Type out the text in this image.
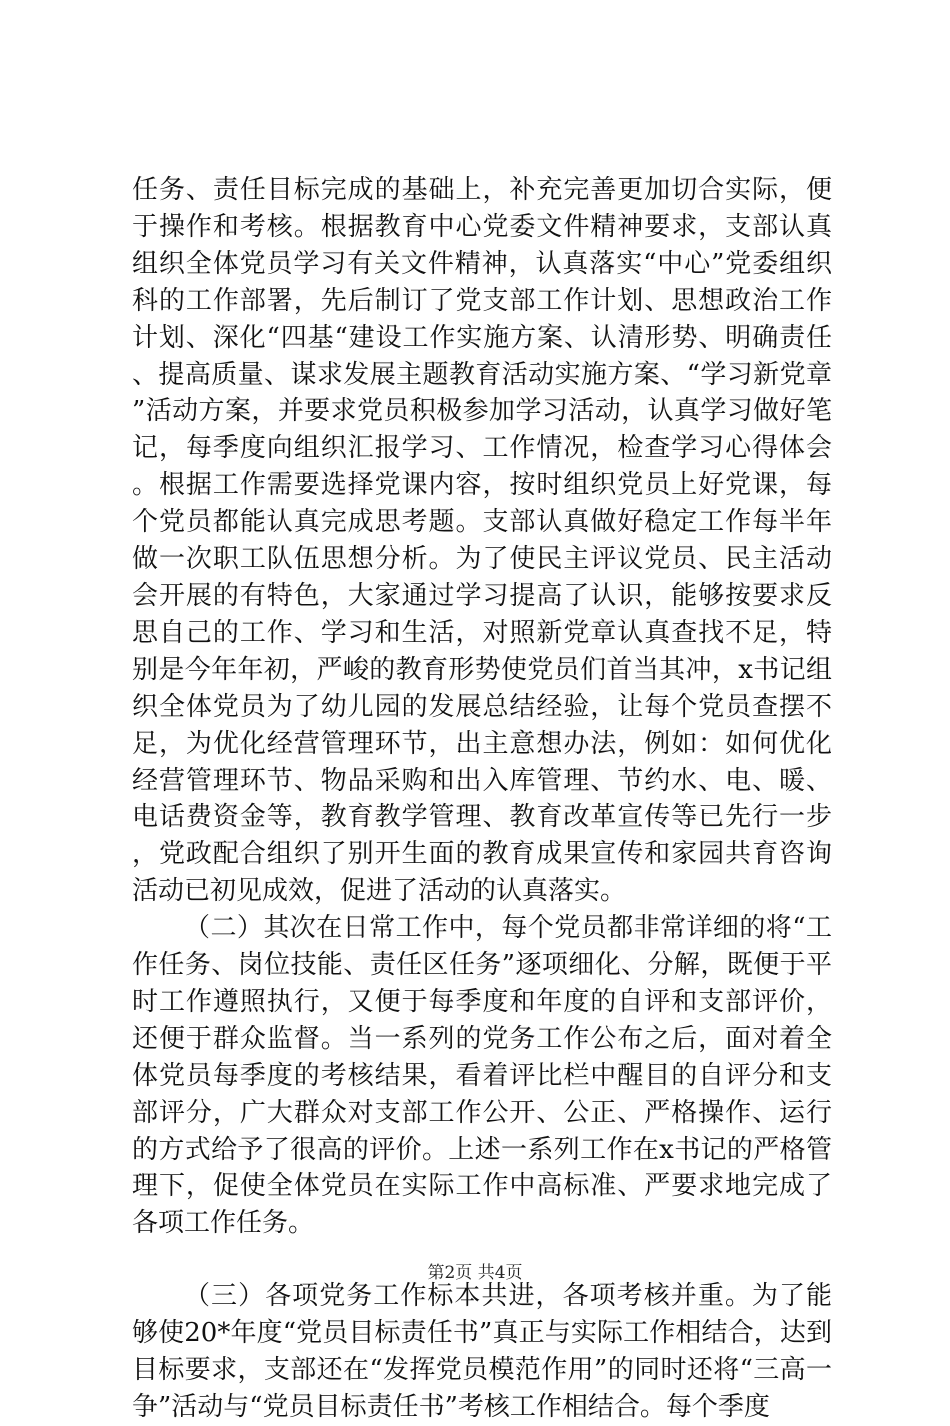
任务、责任目标完成的基础上，补充完善更加切合实际，便于操作和考核。根据教育中心党委文件精神要求，支部认真组织全体党员学习有关文件精神，认真落实“中心”党委组织科的工作部署，先后制订了党支部工作计划、思想政治工作计划、深化“四基“建设工作实施方案、认清形势、明确责任、提高质量、谋求发展主题教育活动实施方案、“学习新党章”活动方案，并要求党员积极参加学习活动，认真学习做好笔记，每季度向组织汇报学习、工作情况，检查学习心得体会。根据工作需要选择党课内容，按时组织党员上好党课，每个党员都能认真完成思考题。支部认真做好稳定工作每半年做一次职工队伍思想分析。为了使民主评议党员、民主活动会开展的有特色，大家通过学习提高了认识，能够按要求反思自己的工作、学习和生活，对照新党章认真查找不足，特别是今年年初，严峻的教育形势使党员们首当其冲，x书记组织全体党员为了幼儿园的发展总结经验，让每个党员查摆不足，为优化经营管理环节，出主意想办法，例如：如何优化经营管理环节、物品采购和出入库管理、节约水、电、暖、电话费资金等，教育教学管理、教育改革宣传等已先行一步，党政配合组织了别开生面的教育成果宣传和家园共育咨询活动已初见成效，促进了活动的认真落实。

（二）其次在日常工作中，每个党员都非常详细的将“工作任务、岗位技能、责任区任务”逐项细化、分解，既便于平时工作遵照执行，又便于每季度和年度的自评和支部评价，还便于群众监督。当一系列的党务工作公布之后，面对着全体党员每季度的考核结果，看着评比栏中醒目的自评分和支部评分，广大群众对支部工作公开、公正、严格操作、运行的方式给予了很高的评价。上述一系列工作在x书记的严格管理下，促使全体党员在实际工作中高标准、严要求地完成了各项工作任务。

（三）各项党务工作标本共进，各项考核并重。为了能够使20*年度“党员目标责任书”真正与实际工作相结合，达到目标要求，支部还在“发挥党员模范作用”的同时还将“三高一争”活动与“党员目标责任书”考核工作相结合。每个季度

第2页 共4页
